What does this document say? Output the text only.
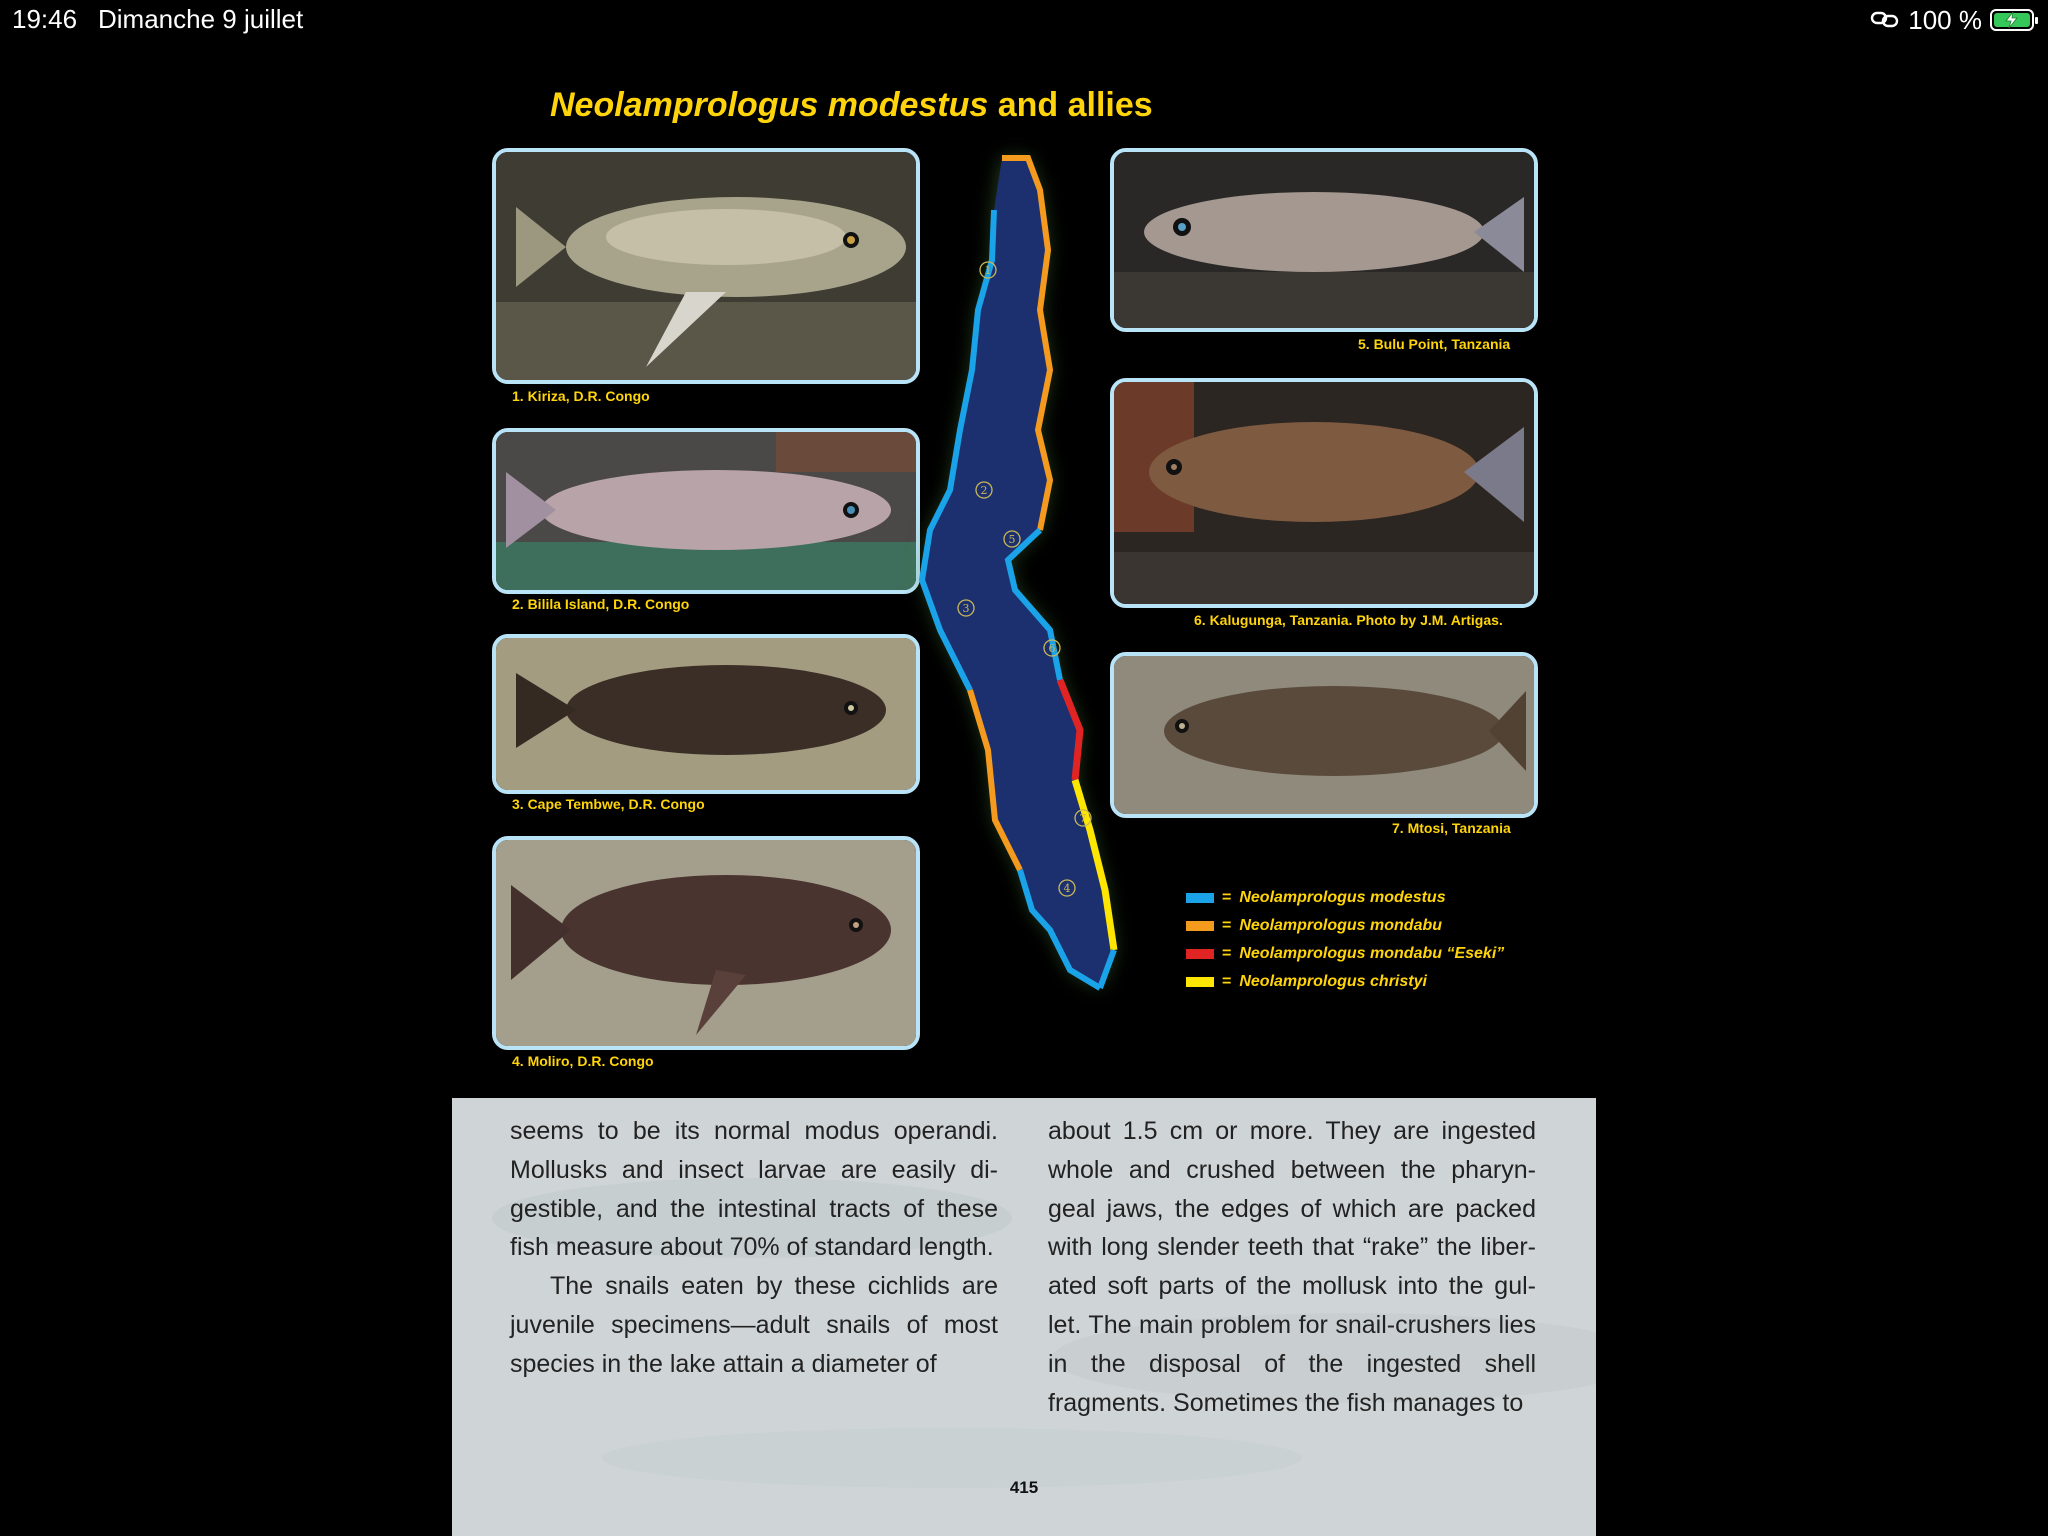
19:46 Dimanche 9 juillet	100 %
Neolamprologus modestus and allies
1. Kiriza, D.R. Congo
2. Bilila Island, D.R. Congo
3. Cape Tembwe, D.R. Congo
4. Moliro, D.R. Congo
5. Bulu Point, Tanzania
6. Kalugunga, Tanzania. Photo by J.M. Artigas.
7. Mtosi, Tanzania
1
2
5
3
6
7
4
= Neolamprologus modestus
= Neolamprologus mondabu
= Neolamprologus mondabu “Eseki”
= Neolamprologus christyi

seems to be its normal modus operandi. Mollusks and insect larvae are easily di-gestible, and the intestinal tracts of these fish measure about 70% of standard length.

The snails eaten by these cichlids are juvenile specimens—adult snails of most species in the lake attain a diameter of

about 1.5 cm or more. They are ingested whole and crushed between the pharyn-geal jaws, the edges of which are packed with long slender teeth that “rake” the liber-ated soft parts of the mollusk into the gul-let. The main problem for snail-crushers lies in the disposal of the ingested shell fragments. Sometimes the fish manages to

415
